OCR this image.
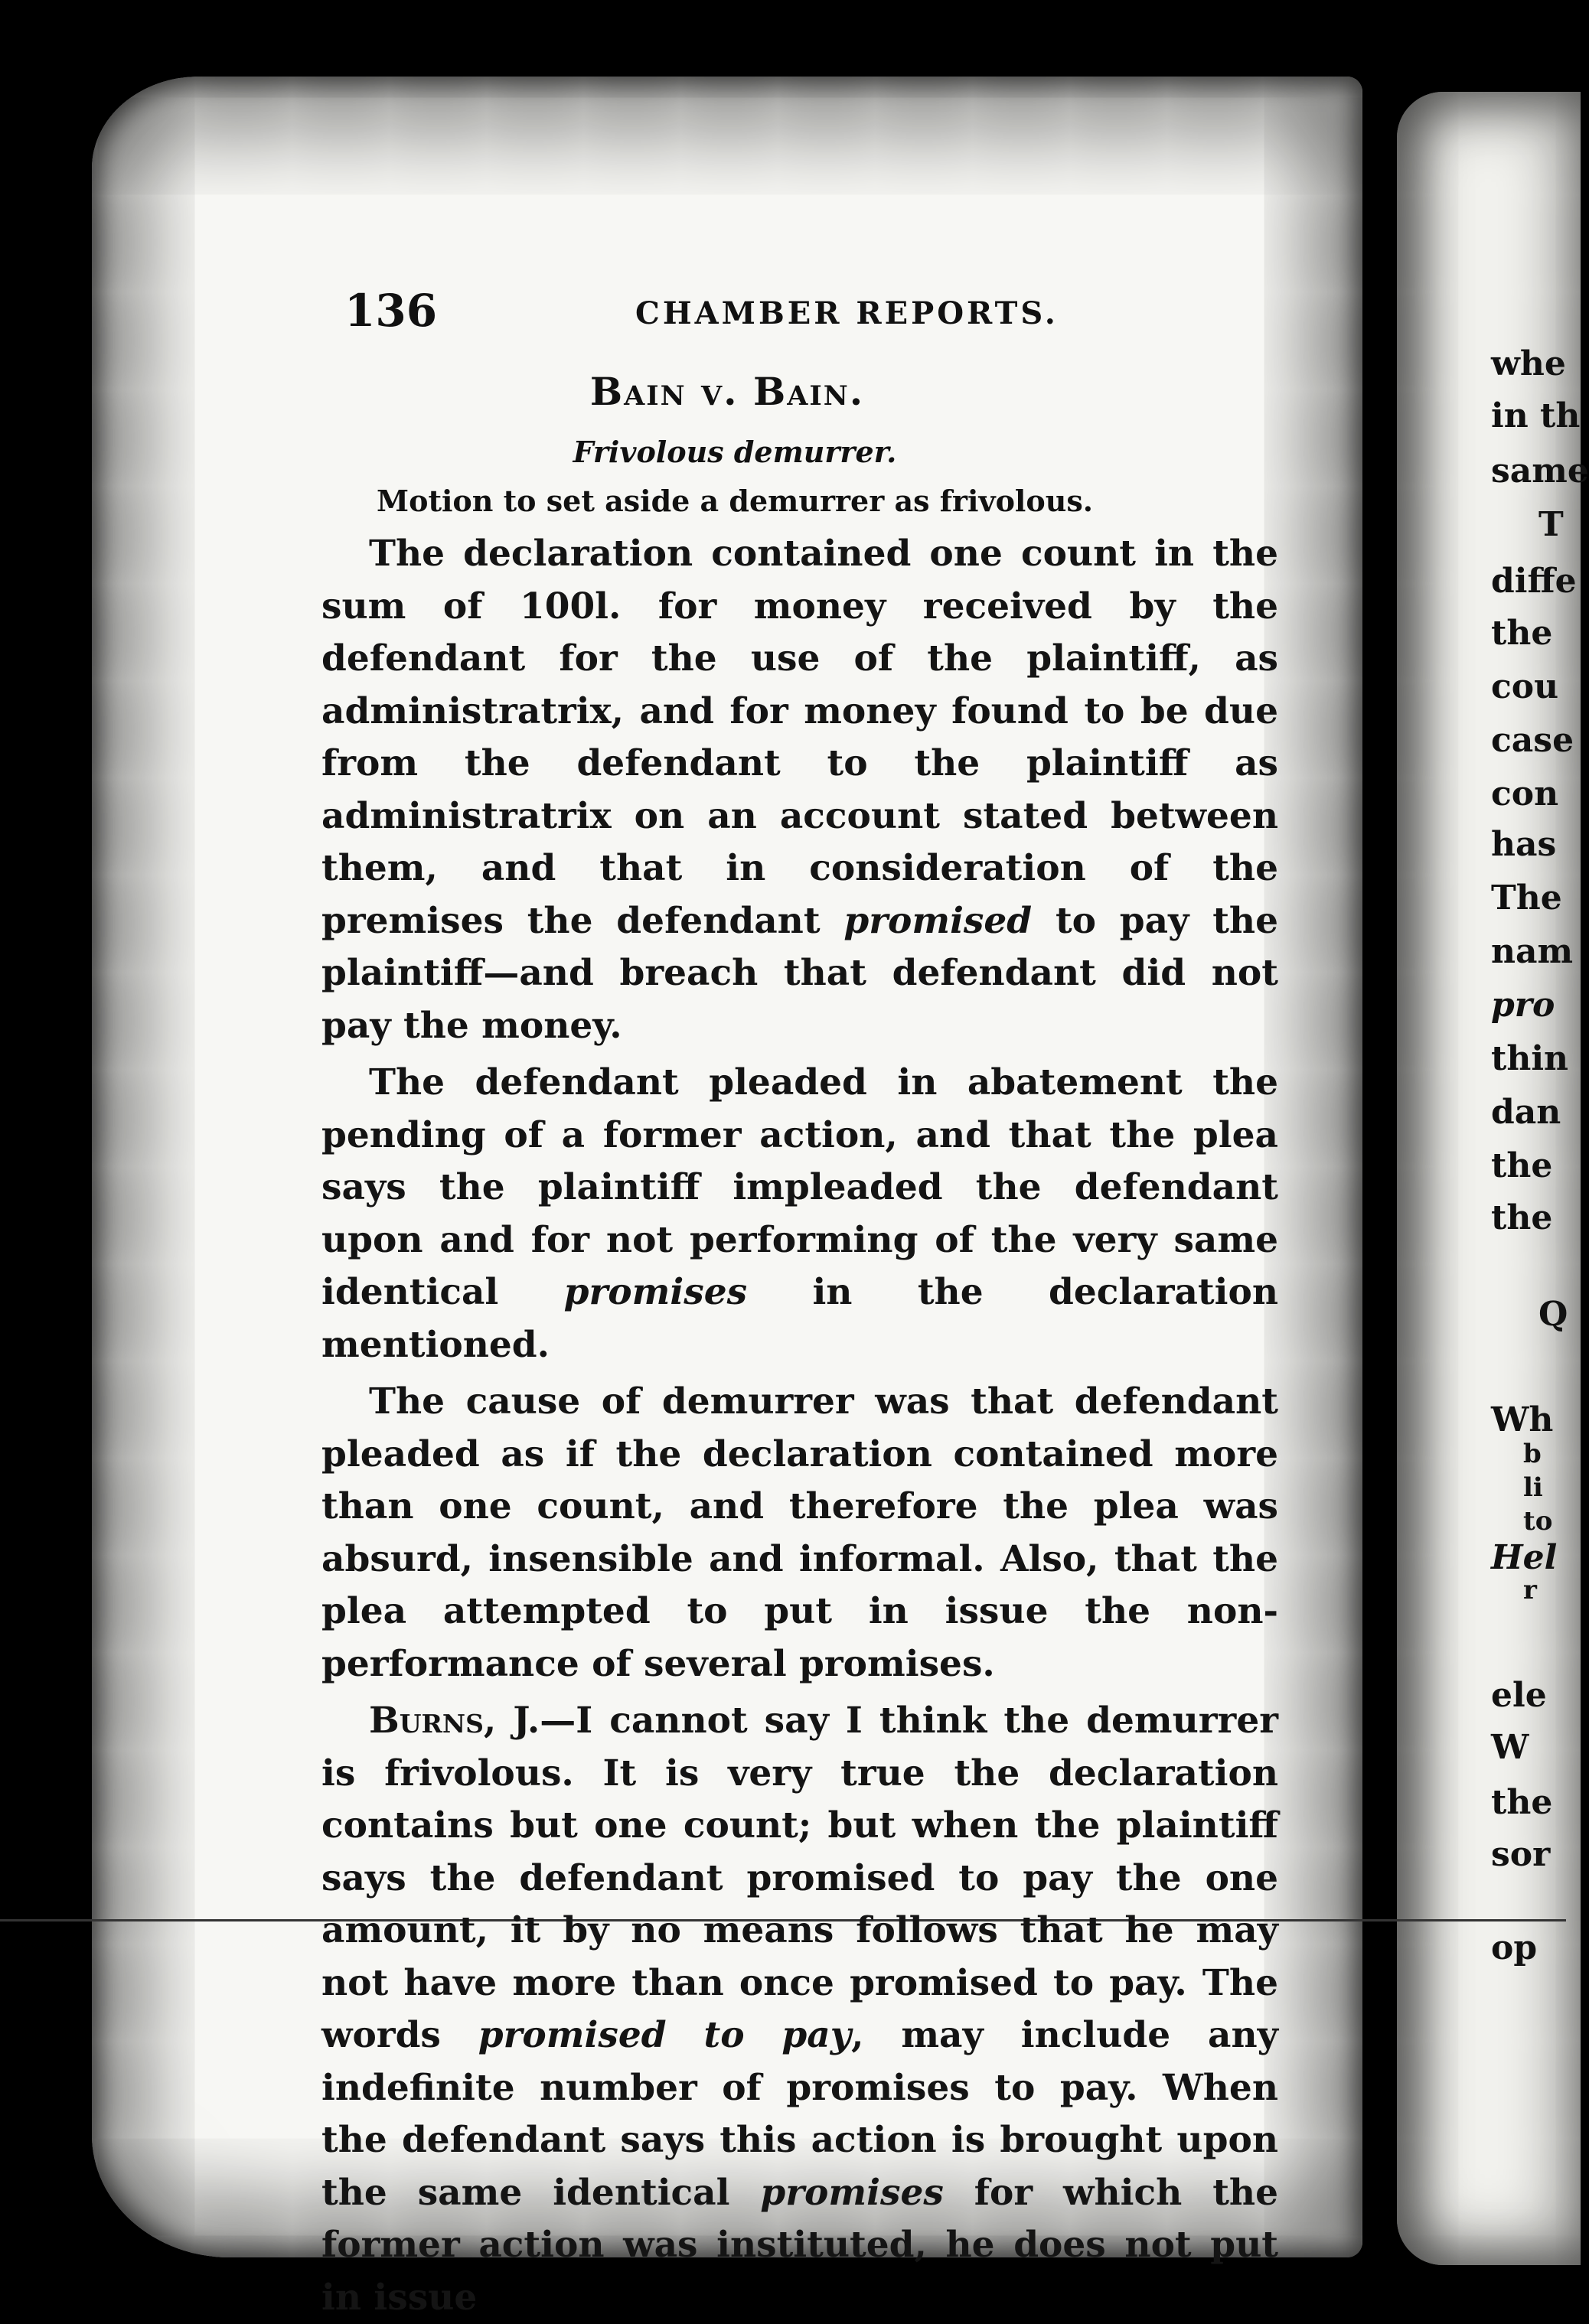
136	CHAMBER REPORTS.
Bain v. Bain.
Frivolous demurrer.
Motion to set aside a demurrer as frivolous.

The declaration contained one count in the sum of 100l. for money received by the defendant for the use of the plaintiff, as administratrix, and for money found to be due from the defendant to the plaintiff as administratrix on an account stated between them, and that in consideration of the premises the defendant promised to pay the plaintiff—and breach that defendant did not pay the money.

The defendant pleaded in abatement the pending of a former action, and that the plea says the plaintiff impleaded the defendant upon and for not performing of the very same identical promises in the declaration mentioned.

The cause of demurrer was that defendant pleaded as if the declaration contained more than one count, and therefore the plea was absurd, insensible and informal. Also, that the plea attempted to put in issue the non-performance of several promises.

Burns, J.—I cannot say I think the demurrer is frivolous. It is very true the declaration contains but one count; but when the plaintiff says the defendant promised to pay the one amount, it by no means follows that he may not have more than once promised to pay. The words promised to pay, may include any indefinite number of promises to pay. When the defendant says this action is brought upon the same identical promises for which the former action was instituted, he does not put in issue

whe
in th
same
T
diffe
the
cou
case
con
has
The
nam
pro
thin
dan
the
the
Q
Wh
b
li
to
Hel
r
ele
W
the
sor
op
